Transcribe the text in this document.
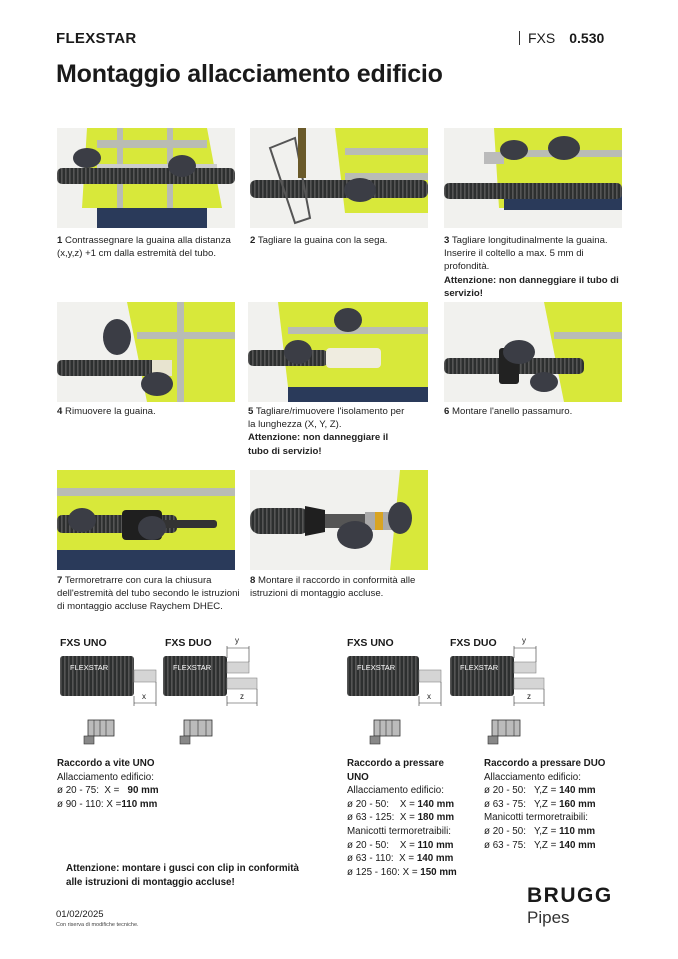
FLEXSTAR	FXS 0.530
Montaggio allacciamento edificio
1 Contrassegnare la guaina alla distanza (x,y,z) +1 cm dalla estremità del tubo.
2 Tagliare la guaina con la sega.	3 Tagliare longitudinalmente la guaina. Inserire il coltello a max. 5 mm di profondità.
Attenzione: non danneggiare il tubo di servizio!
4 Rimuovere la guaina.	5 Tagliare/rimuovere l'isolamento per la lunghezza (X, Y, Z).
Attenzione: non danneggiare il tubo di servizio!
6 Montare l'anello passamuro.
7 Termoretrarre con cura la chiusura dell'estremità del tubo secondo le istruzioni di montaggio accluse Raychem DHEC.
8 Montare il raccordo in conformità alle istruzioni di montaggio accluse.
FXS UNO	FXS DUO	FXS UNO	FXS DUO
FLEXSTAR
x
FLEXSTAR
y
z
FLEXSTAR
x
FLEXSTAR
y
z
Raccordo a vite UNO
Allacciamento edificio:
ø 20 - 75: X = 90 mm
ø 90 - 110: X =110 mm
Raccordo a pressare
UNO
Allacciamento edificio:
ø 20 - 50: X = 140 mm
ø 63 - 125: X = 180 mm
Manicotti termoretraibili:
ø 20 - 50: X = 110 mm
ø 63 - 110: X = 140 mm
ø 125 - 160: X = 150 mm
Raccordo a pressare DUO
Allacciamento edificio:
ø 20 - 50: Y,Z = 140 mm
ø 63 - 75: Y,Z = 160 mm
Manicotti termoretraibili:
ø 20 - 50: Y,Z = 110 mm
ø 63 - 75: Y,Z = 140 mm
Attenzione: montare i gusci con clip in conformità
alle istruzioni di montaggio accluse!
01/02/2025
Con riserva di modifiche tecniche.
BRUGG
Pipes
